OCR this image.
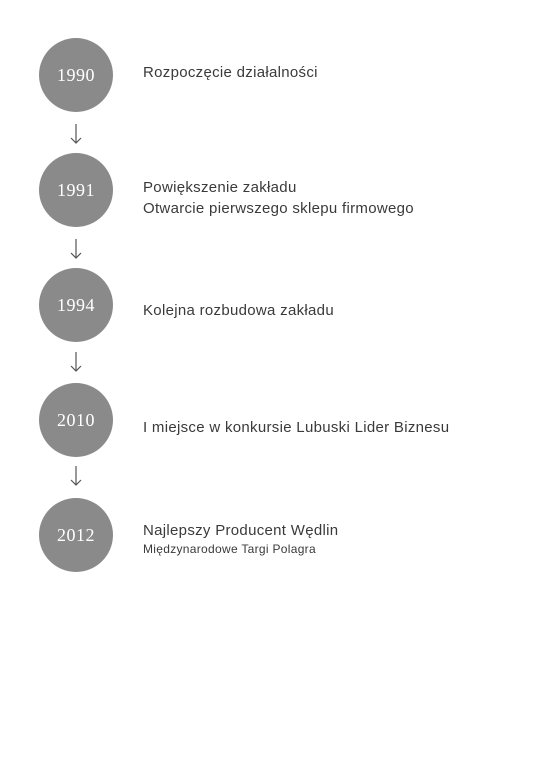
1990	Rozpoczęcie działalności
1991	Powiększenie zakładu
Otwarcie pierwszego sklepu firmowego
1994	Kolejna rozbudowa zakładu
2010	I miejsce w konkursie Lubuski Lider Biznesu
2012	Najlepszy Producent Wędlin
Międzynarodowe Targi Polagra
